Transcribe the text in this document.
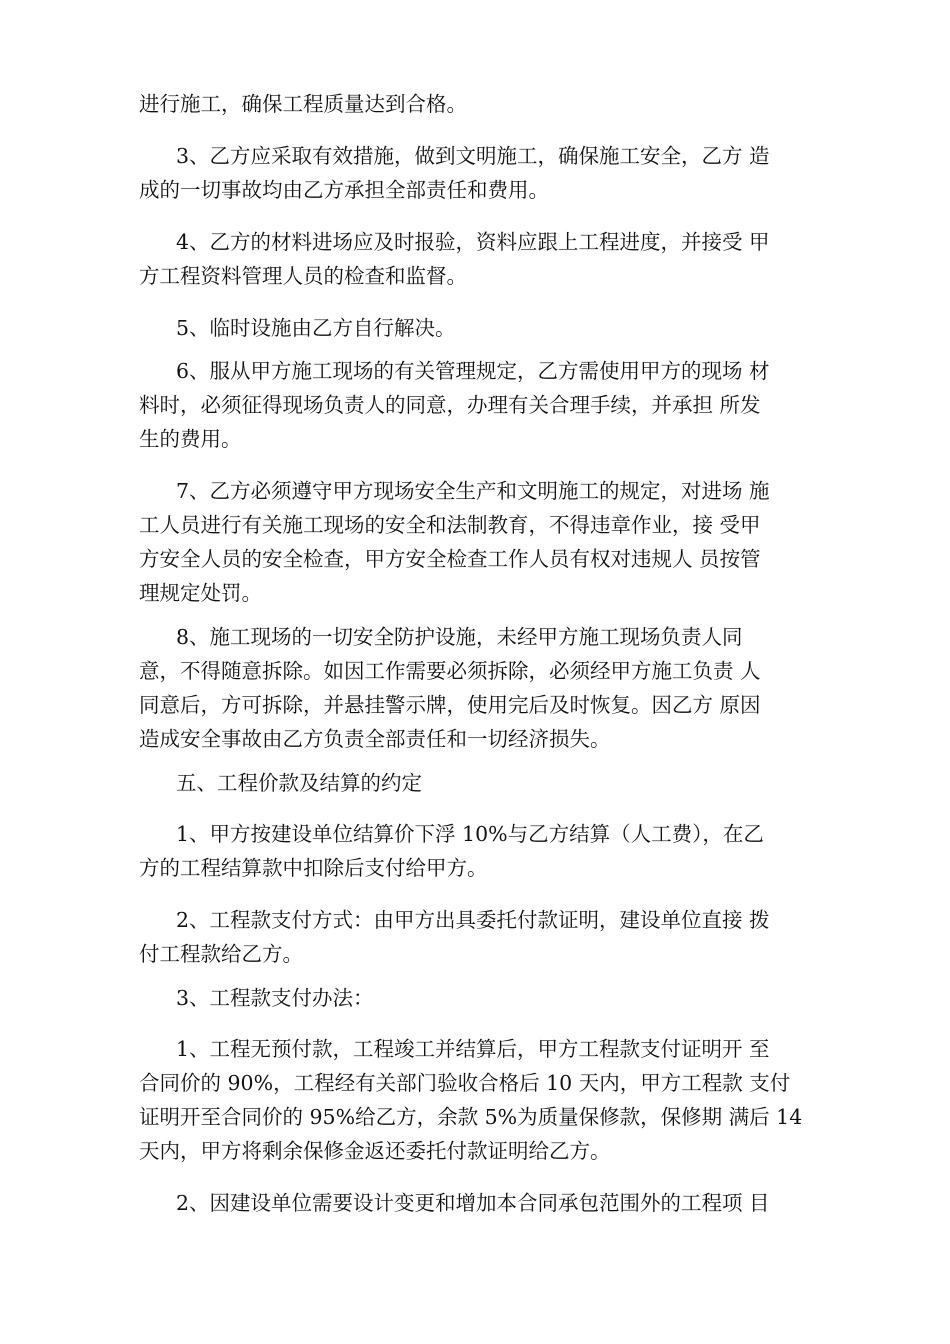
进行施工，确保工程质量达到合格。

3、乙方应采取有效措施，做到文明施工，确保施工安全，乙方 造

成的一切事故均由乙方承担全部责任和费用。

4、乙方的材料进场应及时报验，资料应跟上工程进度，并接受 甲

方工程资料管理人员的检查和监督。

5、临时设施由乙方自行解决。

6、服从甲方施工现场的有关管理规定，乙方需使用甲方的现场 材

料时，必须征得现场负责人的同意，办理有关合理手续，并承担 所发

生的费用。

7、乙方必须遵守甲方现场安全生产和文明施工的规定，对进场 施

工人员进行有关施工现场的安全和法制教育，不得违章作业，接 受甲

方安全人员的安全检查，甲方安全检查工作人员有权对违规人 员按管

理规定处罚。

8、施工现场的一切安全防护设施，未经甲方施工现场负责人同

意，不得随意拆除。如因工作需要必须拆除，必须经甲方施工负责 人

同意后，方可拆除，并悬挂警示牌，使用完后及时恢复。因乙方 原因

造成安全事故由乙方负责全部责任和一切经济损失。

五、工程价款及结算的约定

1、甲方按建设单位结算价下浮 10%与乙方结算（人工费），在乙

方的工程结算款中扣除后支付给甲方。

2、工程款支付方式：由甲方出具委托付款证明，建设单位直接 拨

付工程款给乙方。

3、工程款支付办法：

1、工程无预付款，工程竣工并结算后，甲方工程款支付证明开 至

合同价的 90%，工程经有关部门验收合格后 10 天内，甲方工程款 支付

证明开至合同价的 95%给乙方，余款 5%为质量保修款，保修期 满后 14

天内，甲方将剩余保修金返还委托付款证明给乙方。

2、因建设单位需要设计变更和增加本合同承包范围外的工程项 目
